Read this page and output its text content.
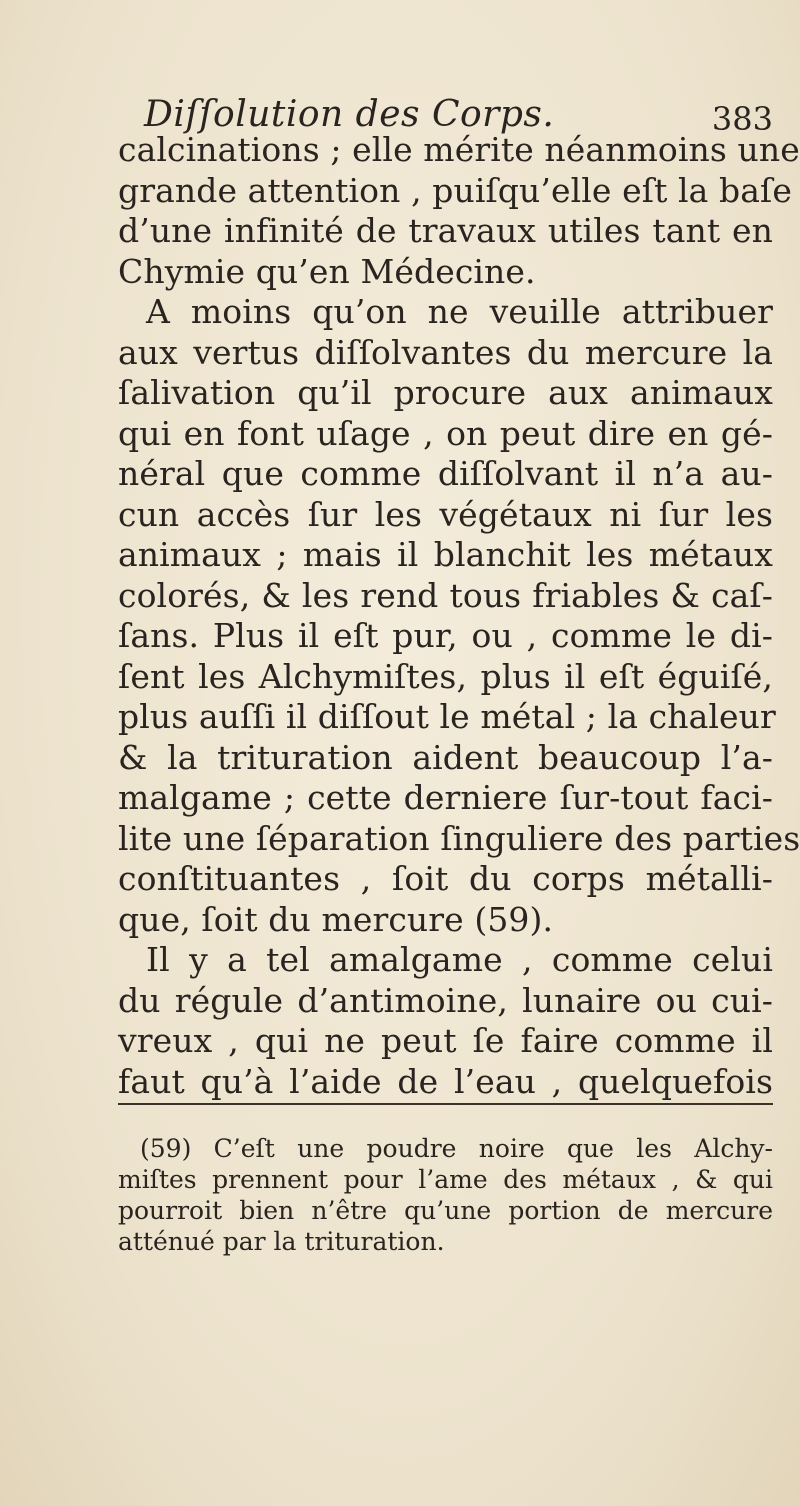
Diſſolution des Corps.	383
calcinations ; elle mérite néanmoins une
grande attention , puiſqu’elle eſt la baſe
d’une infinité de travaux utiles tant en
Chymie qu’en Médecine.
A moins qu’on ne veuille attribuer
aux vertus diſſolvantes du mercure la
ſalivation qu’il procure aux animaux
qui en font uſage , on peut dire en gé-
néral que comme diſſolvant il n’a au-
cun accès ſur les végétaux ni ſur les
animaux ; mais il blanchit les métaux
colorés, & les rend tous friables & caſ-
ſans. Plus il eſt pur, ou , comme le di-
ſent les Alchymiſtes, plus il eſt éguiſé,
plus auſſi il diſſout le métal ; la chaleur
& la trituration aident beaucoup l’a-
malgame ; cette derniere ſur-tout faci-
lite une ſéparation ſinguliere des parties
conſtituantes , ſoit du corps métalli-
que, ſoit du mercure (59).
Il y a tel amalgame , comme celui
du régule d’antimoine, lunaire ou cui-
vreux , qui ne peut ſe faire comme il
faut qu’à l’aide de l’eau , quelquefois
(59) C’eſt une poudre noire que les Alchy-
miſtes prennent pour l’ame des métaux , & qui
pourroit bien n’être qu’une portion de mercure
atténué par la trituration.
